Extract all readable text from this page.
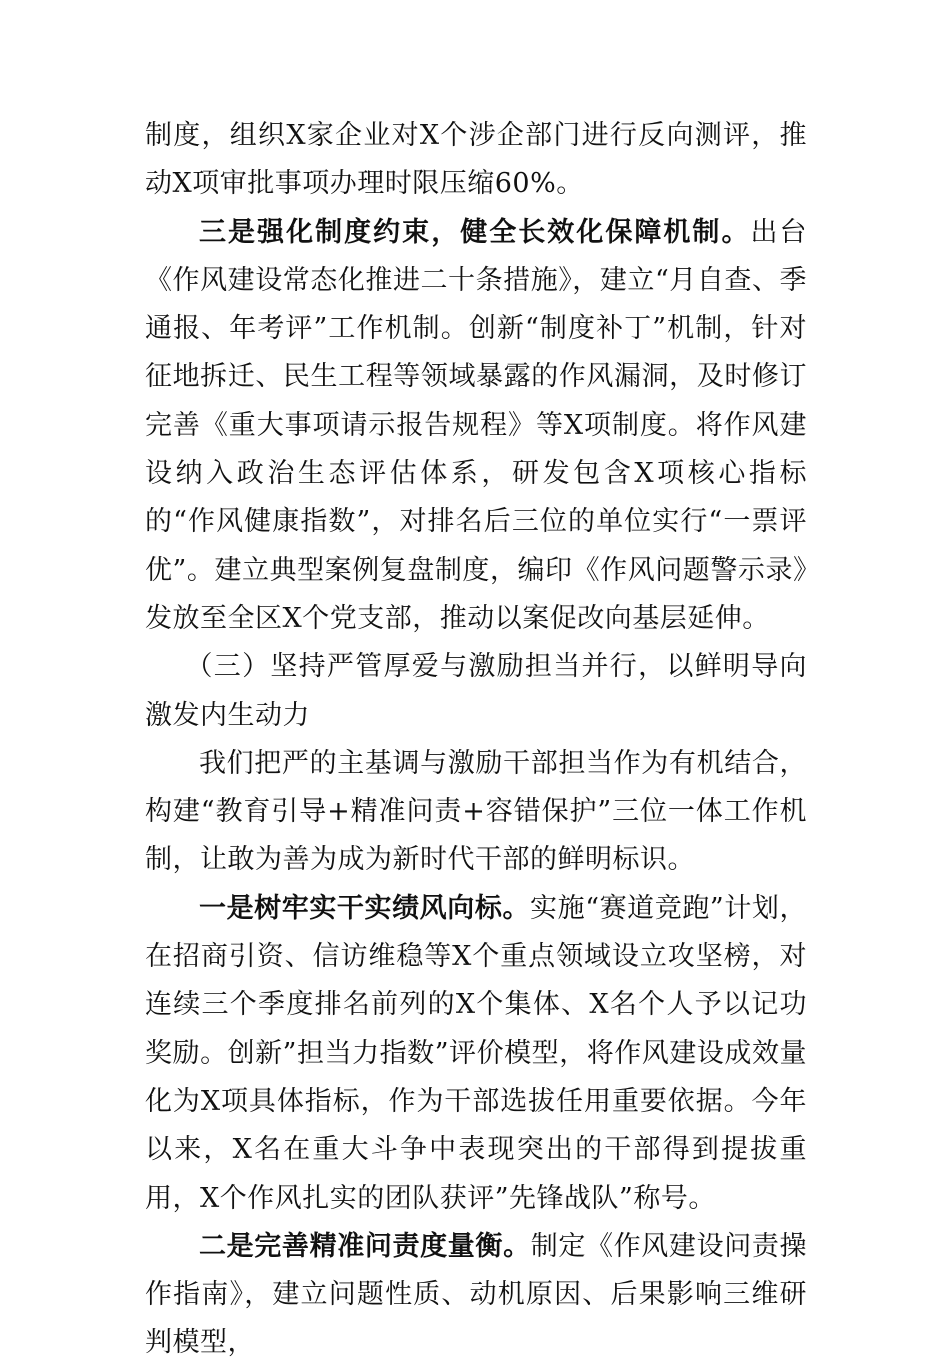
制度，组织X家企业对X个涉企部门进行反向测评，推动X项审批事项办理时限压缩60%。

三是强化制度约束，健全长效化保障机制。出台《作风建设常态化推进二十条措施》，建立“月自查、季通报、年考评”工作机制。创新“制度补丁”机制，针对征地拆迁、民生工程等领域暴露的作风漏洞，及时修订完善《重大事项请示报告规程》等X项制度。将作风建设纳入政治生态评估体系，研发包含X项核心指标的“作风健康指数”，对排名后三位的单位实行“一票评优”。建立典型案例复盘制度，编印《作风问题警示录》发放至全区X个党支部，推动以案促改向基层延伸。

（三）坚持严管厚爱与激励担当并行，以鲜明导向激发内生动力

我们把严的主基调与激励干部担当作为有机结合，构建“教育引导+精准问责+容错保护”三位一体工作机制，让敢为善为成为新时代干部的鲜明标识。

一是树牢实干实绩风向标。实施“赛道竞跑”计划，在招商引资、信访维稳等X个重点领域设立攻坚榜，对连续三个季度排名前列的X个集体、X名个人予以记功奖励。创新”担当力指数”评价模型，将作风建设成效量化为X项具体指标，作为干部选拔任用重要依据。今年以来，X名在重大斗争中表现突出的干部得到提拔重用，X个作风扎实的团队获评”先锋战队”称号。

二是完善精准问责度量衡。制定《作风建设问责操作指南》，建立问题性质、动机原因、后果影响三维研判模型，
